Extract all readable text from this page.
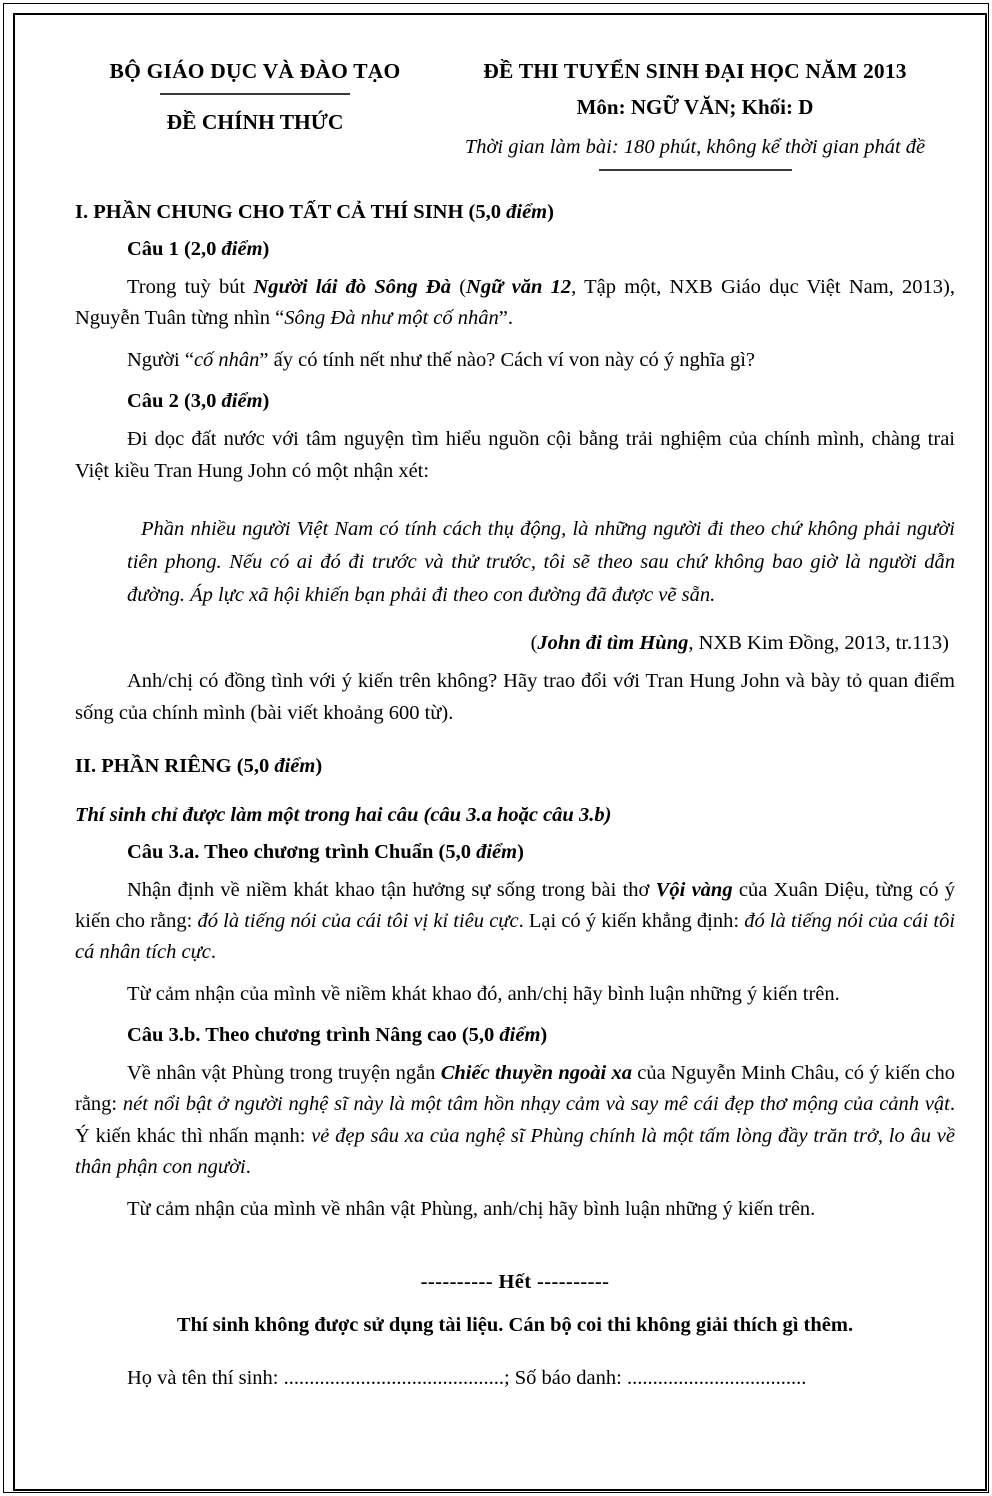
BỘ GIÁO DỤC VÀ ĐÀO TẠO
ĐỀ CHÍNH THỨC
ĐỀ THI TUYỂN SINH ĐẠI HỌC NĂM 2013
Môn: NGỮ VĂN; Khối: D
Thời gian làm bài: 180 phút, không kể thời gian phát đề
I. PHẦN CHUNG CHO TẤT CẢ THÍ SINH (5,0 điểm)
Câu 1 (2,0 điểm)
Trong tuỳ bút Người lái đò Sông Đà (Ngữ văn 12, Tập một, NXB Giáo dục Việt Nam, 2013), Nguyễn Tuân từng nhìn “Sông Đà như một cố nhân”.
Người “cố nhân” ấy có tính nết như thế nào? Cách ví von này có ý nghĩa gì?
Câu 2 (3,0 điểm)
Đi dọc đất nước với tâm nguyện tìm hiểu nguồn cội bằng trải nghiệm của chính mình, chàng trai Việt kiều Tran Hung John có một nhận xét:
Phần nhiều người Việt Nam có tính cách thụ động, là những người đi theo chứ không phải người tiên phong. Nếu có ai đó đi trước và thử trước, tôi sẽ theo sau chứ không bao giờ là người dẫn đường. Áp lực xã hội khiến bạn phải đi theo con đường đã được vẽ sẵn.
(John đi tìm Hùng, NXB Kim Đồng, 2013, tr.113)
Anh/chị có đồng tình với ý kiến trên không? Hãy trao đổi với Tran Hung John và bày tỏ quan điểm sống của chính mình (bài viết khoảng 600 từ).
II. PHẦN RIÊNG (5,0 điểm)
Thí sinh chỉ được làm một trong hai câu (câu 3.a hoặc câu 3.b)
Câu 3.a. Theo chương trình Chuẩn (5,0 điểm)
Nhận định về niềm khát khao tận hưởng sự sống trong bài thơ Vội vàng của Xuân Diệu, từng có ý kiến cho rằng: đó là tiếng nói của cái tôi vị kỉ tiêu cực. Lại có ý kiến khẳng định: đó là tiếng nói của cái tôi cá nhân tích cực.
Từ cảm nhận của mình về niềm khát khao đó, anh/chị hãy bình luận những ý kiến trên.
Câu 3.b. Theo chương trình Nâng cao (5,0 điểm)
Về nhân vật Phùng trong truyện ngắn Chiếc thuyền ngoài xa của Nguyễn Minh Châu, có ý kiến cho rằng: nét nổi bật ở người nghệ sĩ này là một tâm hồn nhạy cảm và say mê cái đẹp thơ mộng của cảnh vật. Ý kiến khác thì nhấn mạnh: vẻ đẹp sâu xa của nghệ sĩ Phùng chính là một tấm lòng đầy trăn trở, lo âu về thân phận con người.
Từ cảm nhận của mình về nhân vật Phùng, anh/chị hãy bình luận những ý kiến trên.
---------- Hết ----------
Thí sinh không được sử dụng tài liệu. Cán bộ coi thi không giải thích gì thêm.
Họ và tên thí sinh: ...........................................; Số báo danh: ...................................
